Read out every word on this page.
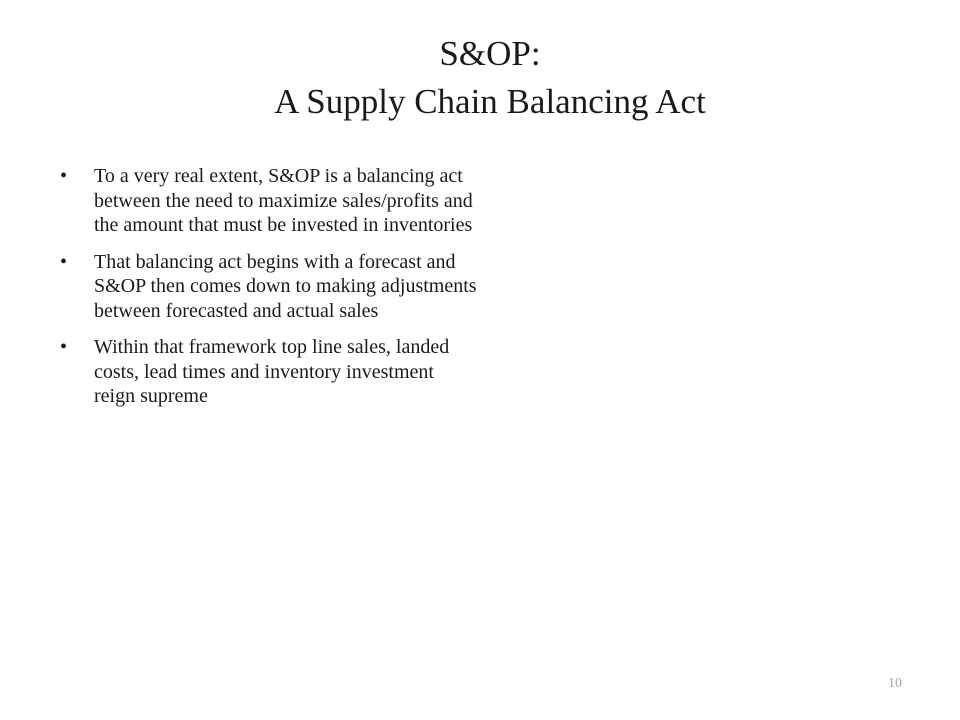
S&OP:
A Supply Chain Balancing Act
• To a very real extent, S&OP is a balancing act between the need to maximize sales/profits and the amount that must be invested in inventories
• That balancing act begins with a forecast and S&OP then comes down to making adjustments between forecasted and actual sales
• Within that framework top line sales, landed costs, lead times and inventory investment reign supreme
10
